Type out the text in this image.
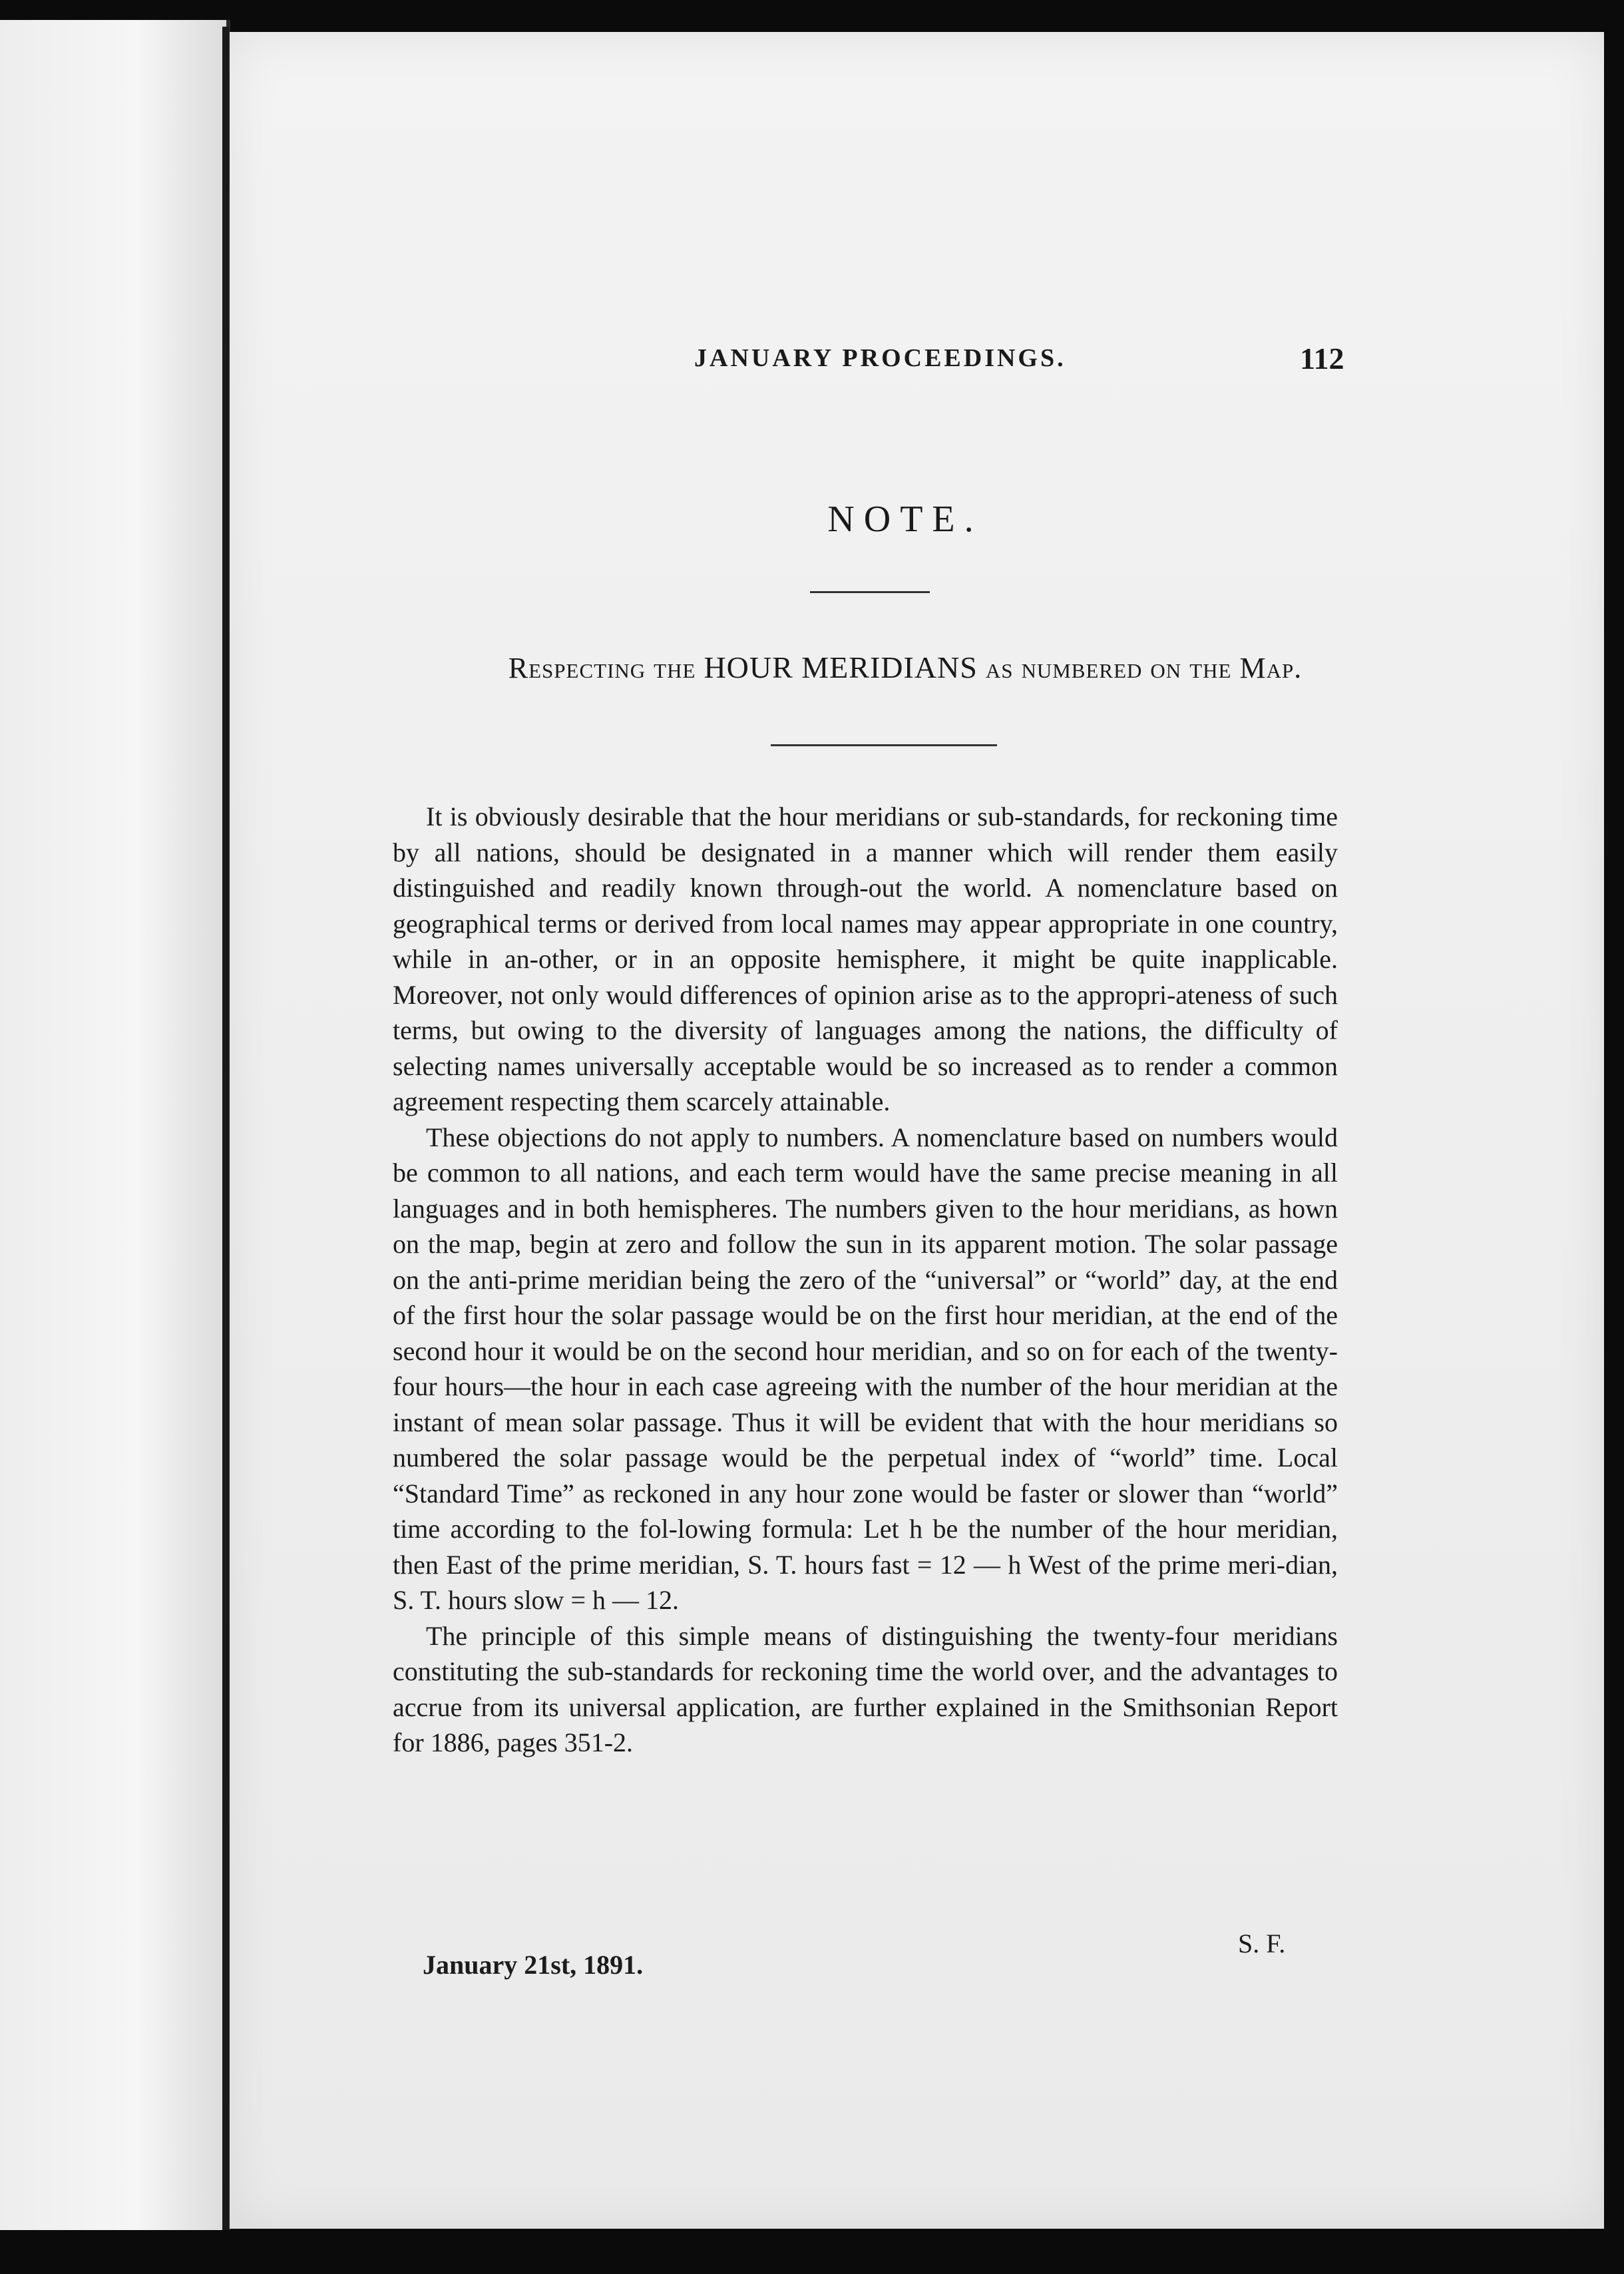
JANUARY PROCEEDINGS.	112
NOTE.
Respecting the HOUR MERIDIANS as numbered on the Map.

It is obviously desirable that the hour meridians or sub-standards, for reckoning time by all nations, should be designated in a manner which will render them easily distinguished and readily known through-out the world. A nomenclature based on geographical terms or derived from local names may appear appropriate in one country, while in an-other, or in an opposite hemisphere, it might be quite inapplicable. Moreover, not only would differences of opinion arise as to the appropri-ateness of such terms, but owing to the diversity of languages among the nations, the difficulty of selecting names universally acceptable would be so increased as to render a common agreement respecting them scarcely attainable.

These objections do not apply to numbers. A nomenclature based on numbers would be common to all nations, and each term would have the same precise meaning in all languages and in both hemispheres. The numbers given to the hour meridians, as hown on the map, begin at zero and follow the sun in its apparent motion. The solar passage on the anti-prime meridian being the zero of the “universal” or “world” day, at the end of the first hour the solar passage would be on the first hour meridian, at the end of the second hour it would be on the second hour meridian, and so on for each of the twenty-four hours—the hour in each case agreeing with the number of the hour meridian at the instant of mean solar passage. Thus it will be evident that with the hour meridians so numbered the solar passage would be the perpetual index of “world” time. Local “Standard Time” as reckoned in any hour zone would be faster or slower than “world” time according to the fol-lowing formula: Let h be the number of the hour meridian, then East of the prime meridian, S. T. hours fast = 12 — h West of the prime meri-dian, S. T. hours slow = h — 12.

The principle of this simple means of distinguishing the twenty-four meridians constituting the sub-standards for reckoning time the world over, and the advantages to accrue from its universal application, are further explained in the Smithsonian Report for 1886, pages 351-2.

S. F.
January 21st, 1891.
